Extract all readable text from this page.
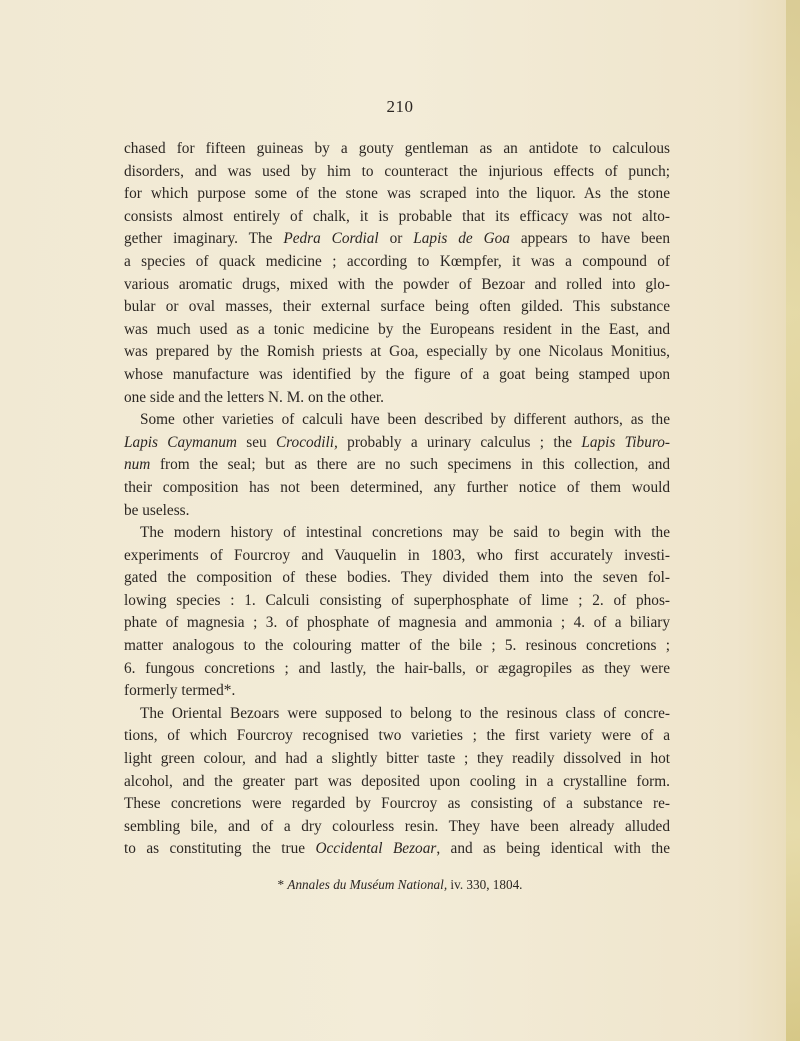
210
chased for fifteen guineas by a gouty gentleman as an antidote to calculous
disorders, and was used by him to counteract the injurious effects of punch;
for which purpose some of the stone was scraped into the liquor. As the stone
consists almost entirely of chalk, it is probable that its efficacy was not alto-
gether imaginary. The Pedra Cordial or Lapis de Goa appears to have been
a species of quack medicine ; according to Kœmpfer, it was a compound of
various aromatic drugs, mixed with the powder of Bezoar and rolled into glo-
bular or oval masses, their external surface being often gilded. This substance
was much used as a tonic medicine by the Europeans resident in the East, and
was prepared by the Romish priests at Goa, especially by one Nicolaus Monitius,
whose manufacture was identified by the figure of a goat being stamped upon
one side and the letters N. M. on the other.
Some other varieties of calculi have been described by different authors, as the
Lapis Caymanum seu Crocodili, probably a urinary calculus ; the Lapis Tiburo-
num from the seal; but as there are no such specimens in this collection, and
their composition has not been determined, any further notice of them would
be useless.
The modern history of intestinal concretions may be said to begin with the
experiments of Fourcroy and Vauquelin in 1803, who first accurately investi-
gated the composition of these bodies. They divided them into the seven fol-
lowing species : 1. Calculi consisting of superphosphate of lime ; 2. of phos-
phate of magnesia ; 3. of phosphate of magnesia and ammonia ; 4. of a biliary
matter analogous to the colouring matter of the bile ; 5. resinous concretions ;
6. fungous concretions ; and lastly, the hair-balls, or ægagropiles as they were
formerly termed*.
The Oriental Bezoars were supposed to belong to the resinous class of concre-
tions, of which Fourcroy recognised two varieties ; the first variety were of a
light green colour, and had a slightly bitter taste ; they readily dissolved in hot
alcohol, and the greater part was deposited upon cooling in a crystalline form.
These concretions were regarded by Fourcroy as consisting of a substance re-
sembling bile, and of a dry colourless resin. They have been already alluded
to as constituting the true Occidental Bezoar, and as being identical with the
* Annales du Muséum National, iv. 330, 1804.
